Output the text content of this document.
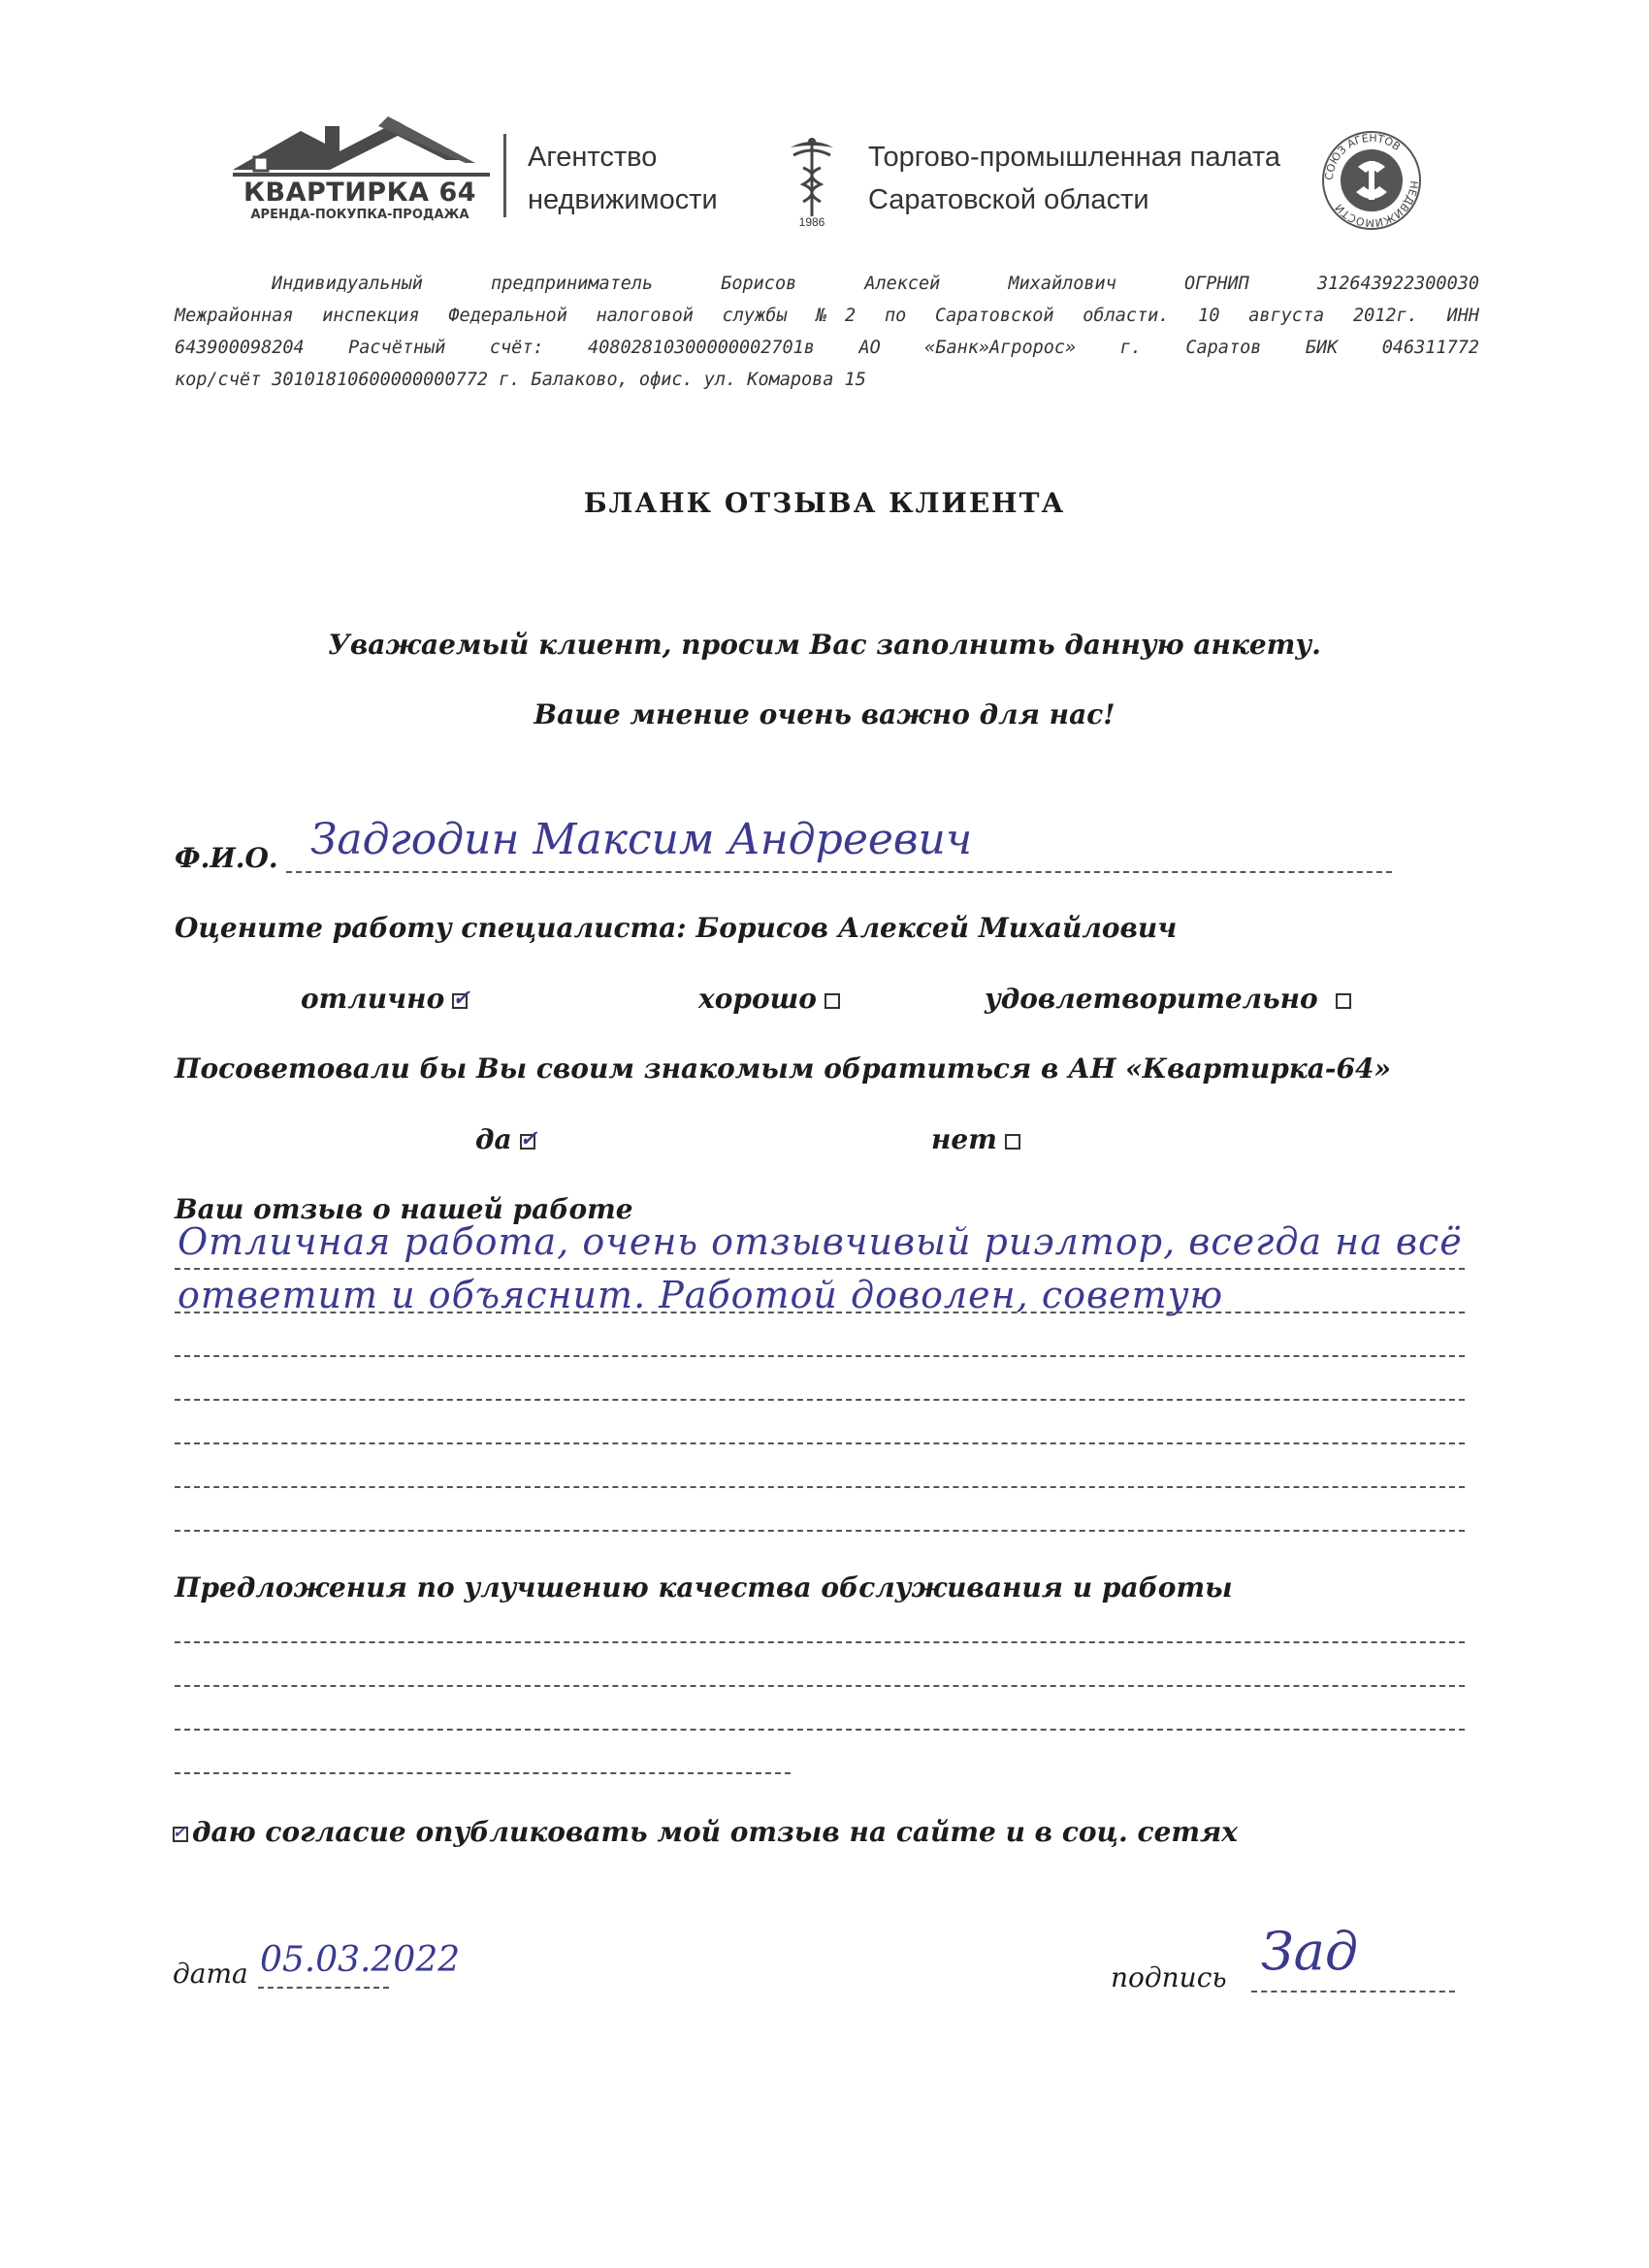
КВАРТИРКА 64
АРЕНДА-ПОКУПКА-ПРОДАЖА
Агентство
недвижимости
1986
Торгово-промышленная палата
Саратовской области
СОЮЗ АГЕНТОВ
НЕДВИЖИМОСТИ
Индивидуальный предприниматель Борисов Алексей Михайлович ОГРНИП 312643922300030
Межрайонная инспекция Федеральной налоговой службы №2 по Саратовской области. 10 августа 2012г. ИНН
643900098204 Расчётный счёт: 40802810300000002701в АО «Банк»Агророс» г. Саратов БИК 046311772
кор/счёт 30101810600000000772 г. Балаково, офис. ул. Комарова 15
БЛАНК ОТЗЫВА КЛИЕНТА
Уважаемый клиент, просим Вас заполнить данную анкету.
Ваше мнение очень важно для нас!
Ф.И.О. Задгодин Максим Андреевич
Оцените работу специалиста: Борисов Алексей Михайлович
отлично ✓	хорошо	удовлетворительно
Посоветовали бы Вы своим знакомым обратиться в АН «Квартирка-64»
да ✓	нет
Ваш отзыв о нашей работе
Отличная работа, очень отзывчивый риэлтор, всегда на всё
ответит и объяснит. Работой доволен, советую
Предложения по улучшению качества обслуживания и работы
✓ даю согласие опубликовать мой отзыв на сайте и в соц. сетях
дата 05.03.2022	подпись Зад
